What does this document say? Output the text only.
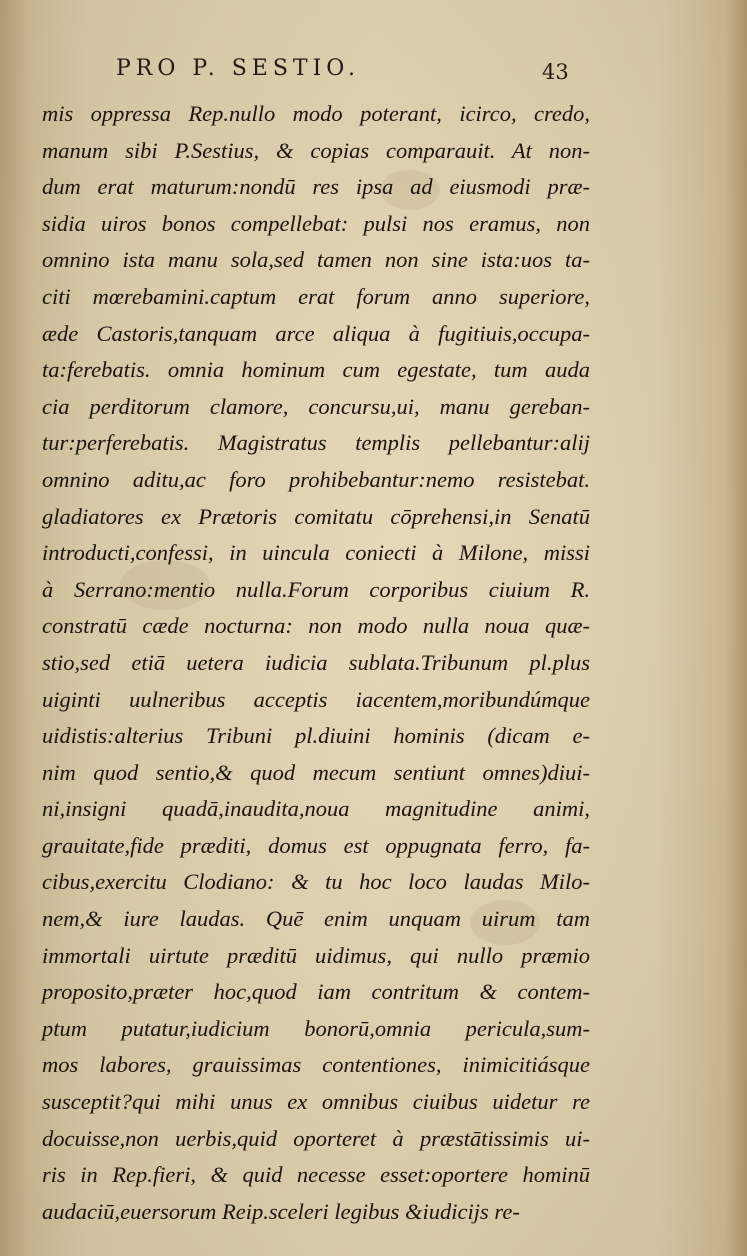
PRO P. SESTIO.	43
mis oppressa Rep.nullo modo poterant, icirco, credo,
manum sibi P.Sestius, & copias comparauit. At non-
dum erat maturum:nondū res ipsa ad eiusmodi præ-
sidia uiros bonos compellebat: pulsi nos eramus, non
omnino ista manu sola,sed tamen non sine ista:uos ta-
citi mœrebamini.captum erat forum anno superiore,
æde Castoris,tanquam arce aliqua à fugitiuis,occupa-
ta:ferebatis. omnia hominum cum egestate, tum auda
cia perditorum clamore, concursu,ui, manu gereban-
tur:perferebatis. Magistratus templis pellebantur:alij
omnino aditu,ac foro prohibebantur:nemo resistebat.
gladiatores ex Prætoris comitatu cōprehensi,in Senatū
introducti,confessi, in uincula coniecti à Milone, missi
à Serrano:mentio nulla.Forum corporibus ciuium R.
constratū cæde nocturna: non modo nulla noua quæ-
stio,sed etiā uetera iudicia sublata.Tribunum pl.plus
uiginti uulneribus acceptis iacentem,moribundúmque
uidistis:alterius Tribuni pl.diuini hominis (dicam e-
nim quod sentio,& quod mecum sentiunt omnes)diui-
ni,insigni quadā,inaudita,noua magnitudine animi,
grauitate,fide præditi, domus est oppugnata ferro, fa-
cibus,exercitu Clodiano: & tu hoc loco laudas Milo-
nem,& iure laudas. Quē enim unquam uirum tam
immortali uirtute præditū uidimus, qui nullo præmio
proposito,præter hoc,quod iam contritum & contem-
ptum putatur,iudicium bonorū,omnia pericula,sum-
mos labores, grauissimas contentiones, inimicitiásque
susceptit?qui mihi unus ex omnibus ciuibus uidetur re
docuisse,non uerbis,quid oporteret à præstātissimis ui-
ris in Rep.fieri, & quid necesse esset:oportere hominū
audaciū,euersorum Reip.sceleri legibus &iudicijs re-
